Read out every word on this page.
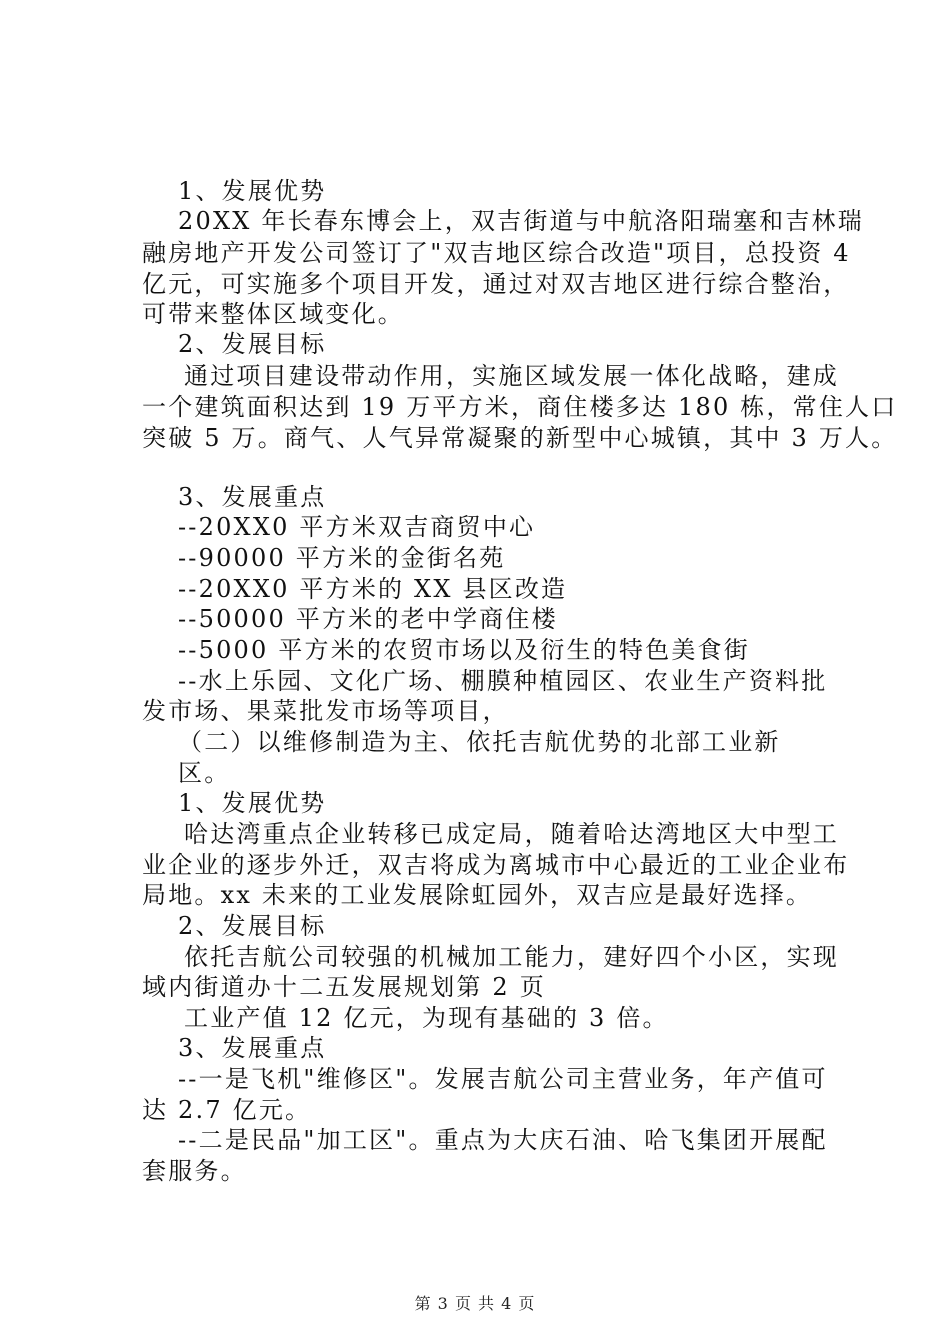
1、发展优势
20XX 年长春东博会上，双吉街道与中航洛阳瑞塞和吉林瑞
融房地产开发公司签订了"双吉地区综合改造"项目，总投资 4
亿元，可实施多个项目开发，通过对双吉地区进行综合整治，
可带来整体区域变化。
2、发展目标
通过项目建设带动作用，实施区域发展一体化战略，建成
一个建筑面积达到 19 万平方米，商住楼多达 180 栋，常住人口
突破 5 万。商气、人气异常凝聚的新型中心城镇，其中 3 万人。
3、发展重点
--20XX0 平方米双吉商贸中心
--90000 平方米的金街名苑
--20XX0 平方米的 XX 县区改造
--50000 平方米的老中学商住楼
--5000 平方米的农贸市场以及衍生的特色美食街
--水上乐园、文化广场、棚膜种植园区、农业生产资料批
发市场、果菜批发市场等项目，
（二）以维修制造为主、依托吉航优势的北部工业新
区。
1、发展优势
哈达湾重点企业转移已成定局，随着哈达湾地区大中型工
业企业的逐步外迁，双吉将成为离城市中心最近的工业企业布
局地。xx 未来的工业发展除虹园外，双吉应是最好选择。
2、发展目标
依托吉航公司较强的机械加工能力，建好四个小区，实现
域内街道办十二五发展规划第 2 页
工业产值 12 亿元，为现有基础的 3 倍。
3、发展重点
--一是飞机"维修区"。发展吉航公司主营业务，年产值可
达 2.7 亿元。
--二是民品"加工区"。重点为大庆石油、哈飞集团开展配
套服务。
第 3 页 共 4 页
